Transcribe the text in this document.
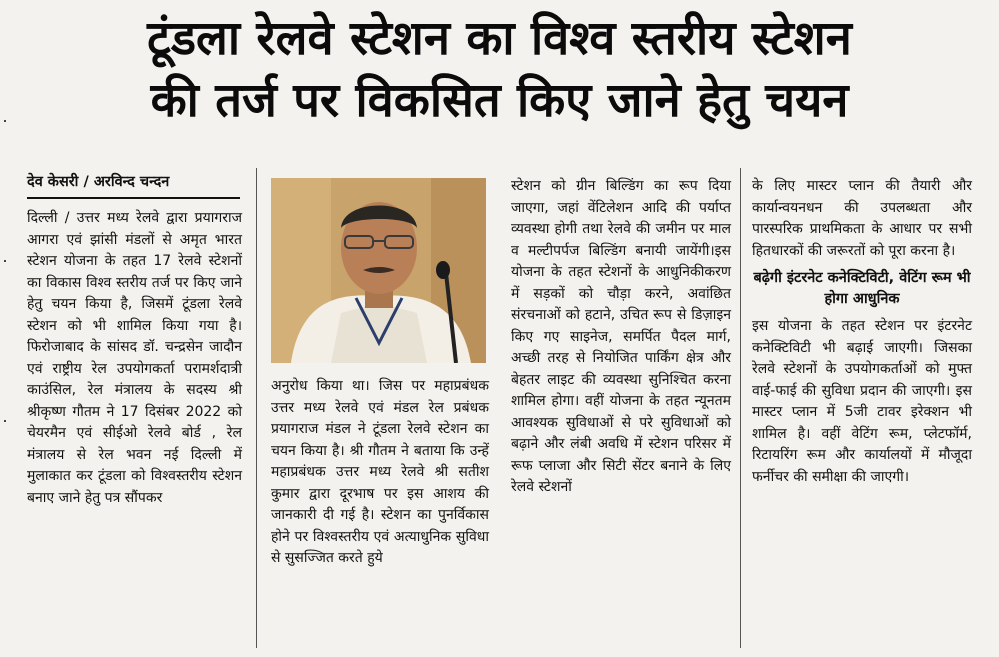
टूंडला रेलवे स्टेशन का विश्व स्तरीय स्टेशन
की तर्ज पर विकसित किए जाने हेतु चयन
देव केसरी / अरविन्द चन्दन

दिल्ली / उत्तर मध्य रेलवे द्वारा प्रयागराज आगरा एवं झांसी मंडलों से अमृत भारत स्टेशन योजना के तहत 17 रेलवे स्टेशनों का विकास विश्व स्तरीय तर्ज पर किए जाने हेतु चयन किया है, जिसमें टूंडला रेलवे स्टेशन को भी शामिल किया गया है। फिरोजाबाद के सांसद डॉ. चन्द्रसेन जादौन एवं राष्ट्रीय रेल उपयोगकर्ता परामर्शदात्री काउंसिल, रेल मंत्रालय के सदस्य श्री श्रीकृष्ण गौतम ने 17 दिसंबर 2022 को चेयरमैन एवं सीईओ रेलवे बोर्ड , रेल मंत्रालय से रेल भवन नई दिल्ली में मुलाकात कर टूंडला को विश्वस्तरीय स्टेशन बनाए जाने हेतु पत्र सौंपकर

अनुरोध किया था। जिस पर महाप्रबंधक उत्तर मध्य रेलवे एवं मंडल रेल प्रबंधक प्रयागराज मंडल ने टूंडला रेलवे स्टेशन का चयन किया है। श्री गौतम ने बताया कि उन्हें महाप्रबंधक उत्तर मध्य रेलवे श्री सतीश कुमार द्वारा दूरभाष पर इस आशय की जानकारी दी गई है। स्टेशन का पुनर्विकास होने पर विश्वस्तरीय एवं अत्याधुनिक सुविधा से सुसज्जित करते हुये

स्टेशन को ग्रीन बिल्डिंग का रूप दिया जाएगा, जहां वेंटिलेशन आदि की पर्याप्त व्यवस्था होगी तथा रेलवे की जमीन पर माल व मल्टीपर्पज बिल्डिंग बनायी जायेंगी।इस योजना के तहत स्टेशनों के आधुनिकीकरण में सड़कों को चौड़ा करने, अवांछित संरचनाओं को हटाने, उचित रूप से डिज़ाइन किए गए साइनेज, समर्पित पैदल मार्ग, अच्छी तरह से नियोजित पार्किंग क्षेत्र और बेहतर लाइट की व्यवस्था सुनिश्चित करना शामिल होगा। वहीं योजना के तहत न्यूनतम आवश्यक सुविधाओं से परे सुविधाओं को बढ़ाने और लंबी अवधि में स्टेशन परिसर में रूफ प्लाजा और सिटी सेंटर बनाने के लिए रेलवे स्टेशनों

के लिए मास्टर प्लान की तैयारी और कार्यान्वयनधन की उपलब्धता और पारस्परिक प्राथमिकता के आधार पर सभी हितधारकों की जरूरतों को पूरा करना है।

बढ़ेगी इंटरनेट कनेक्टिविटी, वेटिंग रूम भी होगा आधुनिक

इस योजना के तहत स्टेशन पर इंटरनेट कनेक्टिविटी भी बढ़ाई जाएगी। जिसका रेलवे स्टेशनों के उपयोगकर्ताओं को मुफ्त वाई-फाई की सुविधा प्रदान की जाएगी। इस मास्टर प्लान में 5जी टावर इरेक्शन भी शामिल है। वहीं वेटिंग रूम, प्लेटफॉर्म, रिटायरिंग रूम और कार्यालयों में मौजूदा फर्नीचर की समीक्षा की जाएगी।
